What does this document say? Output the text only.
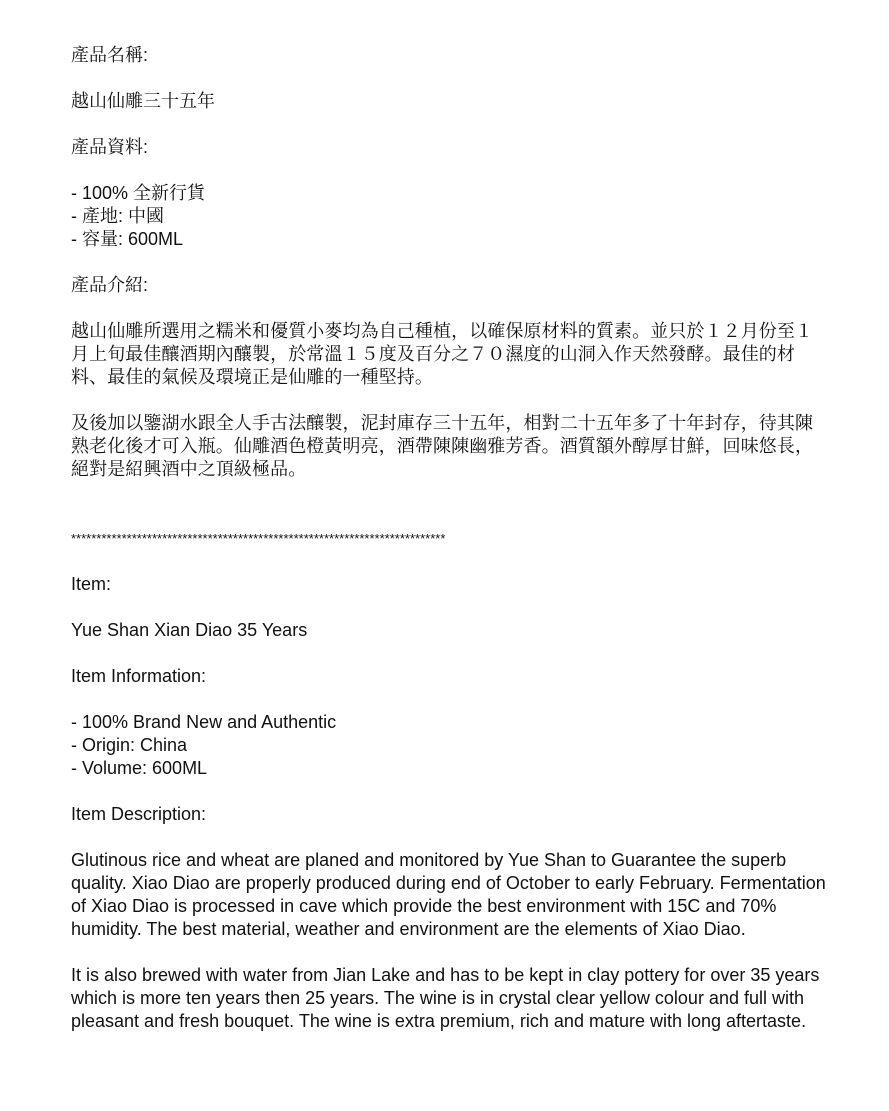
產品名稱:
越山仙雕三十五年
產品資料:
- 100% 全新行貨
- 產地: 中國
- 容量: 600ML
產品介紹:
越山仙雕所選用之糯米和優質小麥均為自己種植，以確保原材料的質素。並只於１２月份至１月上旬最佳釀酒期內釀製，於常溫１５度及百分之７０濕度的山洞入作天然發酵。最佳的材料、最佳的氣候及環境正是仙雕的一種堅持。
及後加以鑒湖水跟全人手古法釀製，泥封庫存三十五年，相對二十五年多了十年封存，待其陳熟老化後才可入瓶。仙雕酒色橙黃明亮，酒帶陳陳幽雅芳香。酒質額外醇厚甘鮮，回味悠長，絕對是紹興酒中之頂級極品。
**************************************************************************
Item:
Yue Shan Xian Diao 35 Years
Item Information:
- 100% Brand New and Authentic
- Origin: China
- Volume: 600ML
Item Description:
Glutinous rice and wheat are planed and monitored by Yue Shan to Guarantee the superb quality. Xiao Diao are properly produced during end of October to early February. Fermentation of Xiao Diao is processed in cave which provide the best environment with 15C and 70% humidity. The best material, weather and environment are the elements of Xiao Diao.
It is also brewed with water from Jian Lake and has to be kept in clay pottery for over 35 years which is more ten years then 25 years. The wine is in crystal clear yellow colour and full with pleasant and fresh bouquet. The wine is extra premium, rich and mature with long aftertaste.
